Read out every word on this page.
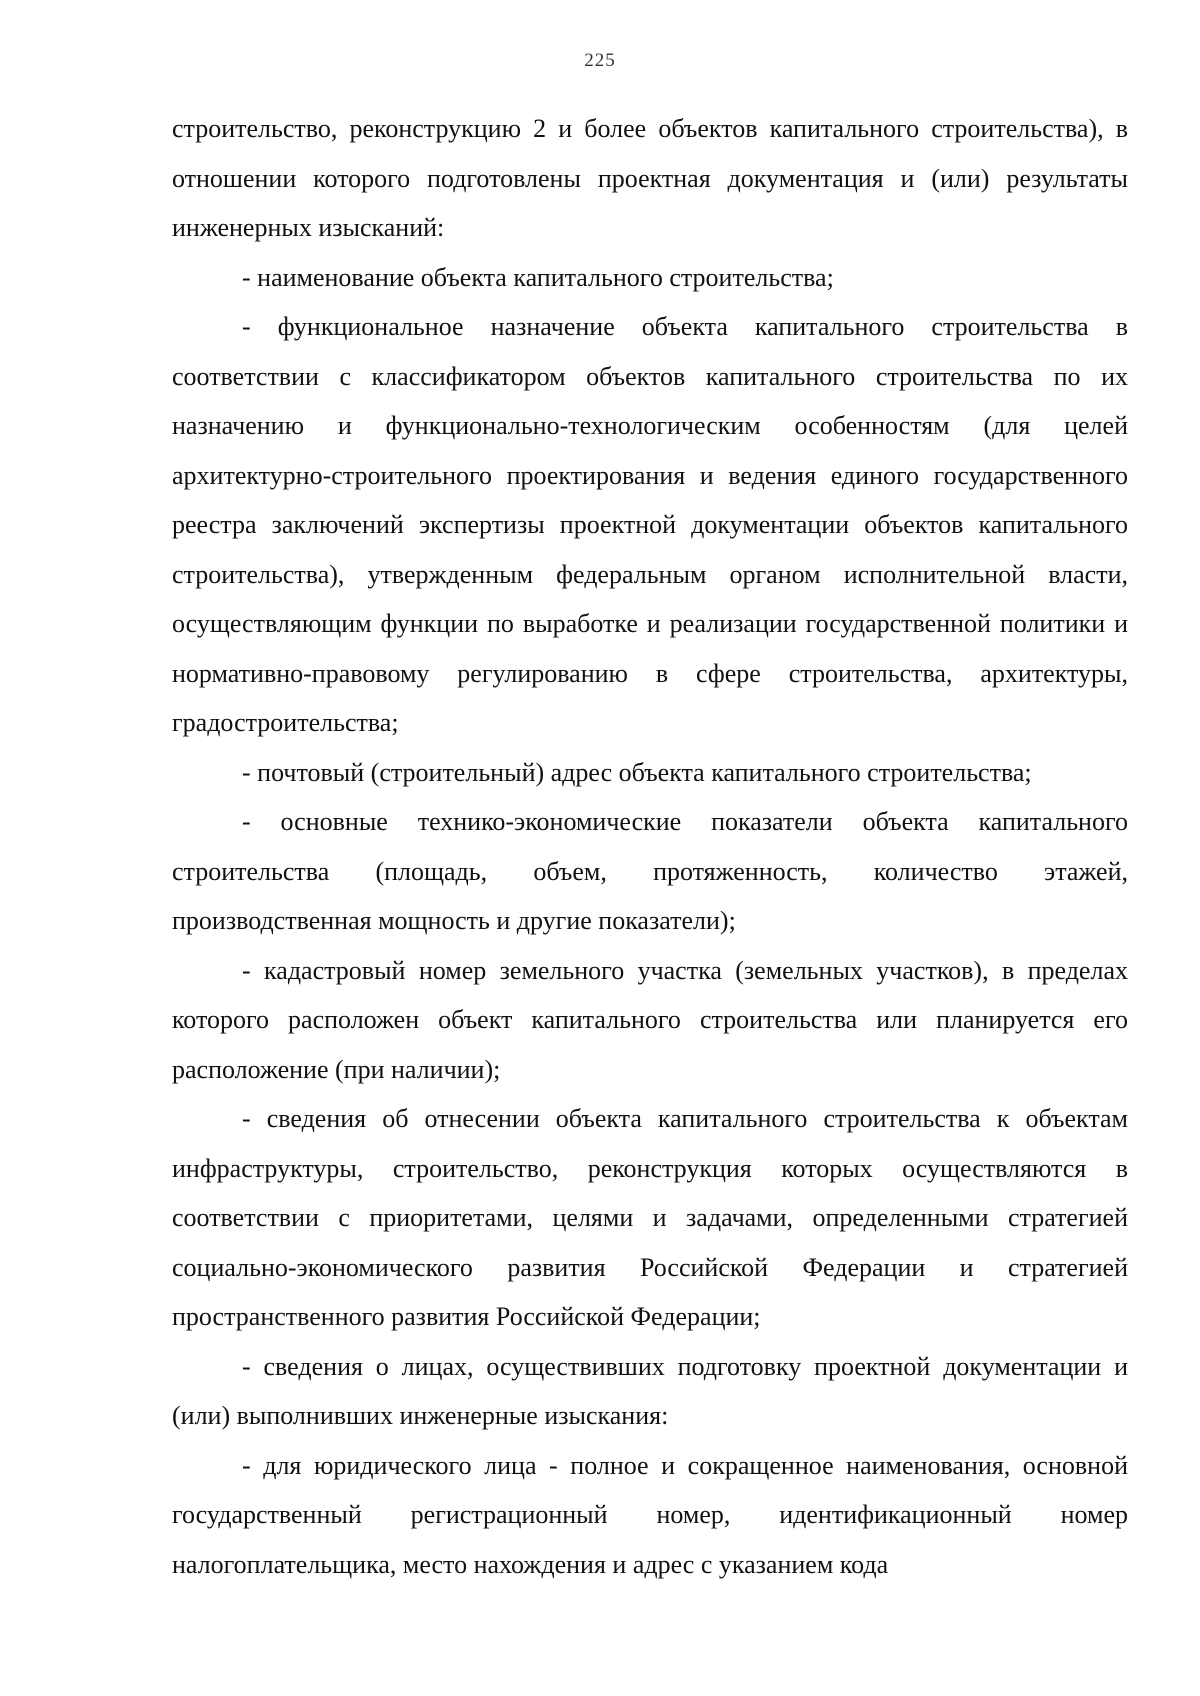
225

строительство, реконструкцию 2 и более объектов капитального строительства), в отношении которого подготовлены проектная документация и (или) результаты инженерных изысканий:

- наименование объекта капитального строительства;

- функциональное назначение объекта капитального строительства в соответствии с классификатором объектов капитального строительства по их назначению и функционально-технологическим особенностям (для целей архитектурно-строительного проектирования и ведения единого государственного реестра заключений экспертизы проектной документации объектов капитального строительства), утвержденным федеральным органом исполнительной власти, осуществляющим функции по выработке и реализации государственной политики и нормативно-правовому регулированию в сфере строительства, архитектуры, градостроительства;

- почтовый (строительный) адрес объекта капитального строительства;

- основные технико-экономические показатели объекта капитального строительства (площадь, объем, протяженность, количество этажей, производственная мощность и другие показатели);

- кадастровый номер земельного участка (земельных участков), в пределах которого расположен объект капитального строительства или планируется его расположение (при наличии);

- сведения об отнесении объекта капитального строительства к объектам инфраструктуры, строительство, реконструкция которых осуществляются в соответствии с приоритетами, целями и задачами, определенными стратегией социально-экономического развития Российской Федерации и стратегией пространственного развития Российской Федерации;

- сведения о лицах, осуществивших подготовку проектной документации и (или) выполнивших инженерные изыскания:

- для юридического лица - полное и сокращенное наименования, основной государственный регистрационный номер, идентификационный номер налогоплательщика, место нахождения и адрес с указанием кода
